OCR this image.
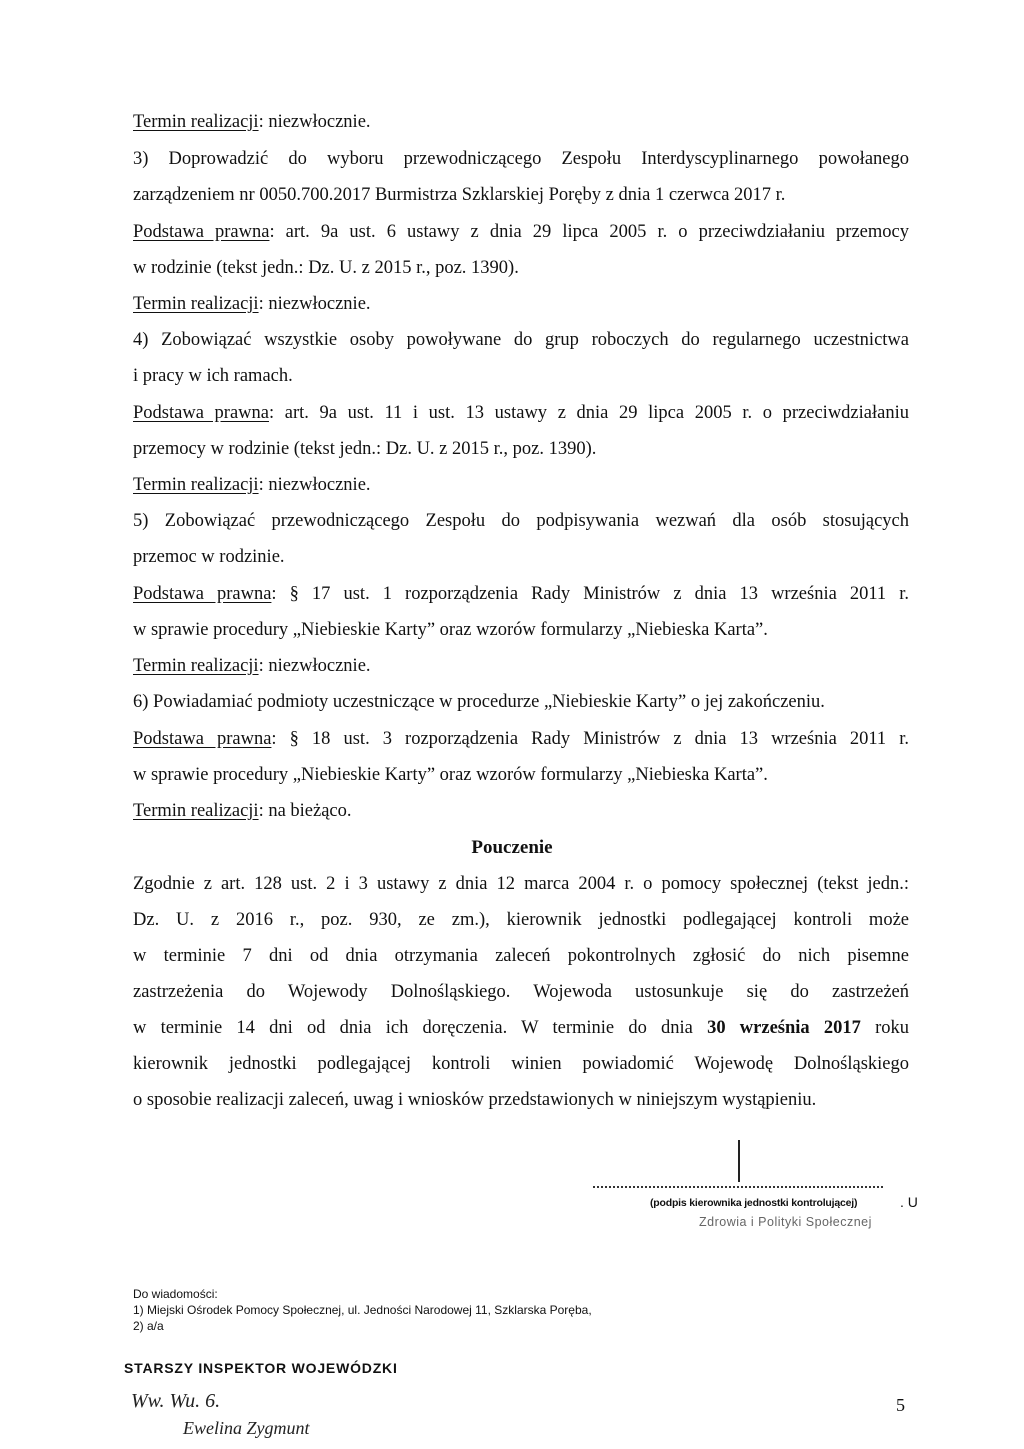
Termin realizacji: niezwłocznie.
3) Doprowadzić do wyboru przewodniczącego Zespołu Interdyscyplinarnego powołanego
zarządzeniem nr 0050.700.2017 Burmistrza Szklarskiej Poręby z dnia 1 czerwca 2017 r.
Podstawa prawna: art. 9a ust. 6 ustawy z dnia 29 lipca 2005 r. o przeciwdziałaniu przemocy
w rodzinie (tekst jedn.: Dz. U. z 2015 r., poz. 1390).
Termin realizacji: niezwłocznie.
4) Zobowiązać wszystkie osoby powoływane do grup roboczych do regularnego uczestnictwa
i pracy w ich ramach.
Podstawa prawna: art. 9a ust. 11 i ust. 13 ustawy z dnia 29 lipca 2005 r. o przeciwdziałaniu
przemocy w rodzinie (tekst jedn.: Dz. U. z 2015 r., poz. 1390).
Termin realizacji: niezwłocznie.
5) Zobowiązać przewodniczącego Zespołu do podpisywania wezwań dla osób stosujących
przemoc w rodzinie.
Podstawa prawna: § 17 ust. 1 rozporządzenia Rady Ministrów z dnia 13 września 2011 r.
w sprawie procedury „Niebieskie Karty” oraz wzorów formularzy „Niebieska Karta”.
Termin realizacji: niezwłocznie.
6) Powiadamiać podmioty uczestniczące w procedurze „Niebieskie Karty” o jej zakończeniu.
Podstawa prawna: § 18 ust. 3 rozporządzenia Rady Ministrów z dnia 13 września 2011 r.
w sprawie procedury „Niebieskie Karty” oraz wzorów formularzy „Niebieska Karta”.
Termin realizacji: na bieżąco.
Pouczenie
Zgodnie z art. 128 ust. 2 i 3 ustawy z dnia 12 marca 2004 r. o pomocy społecznej (tekst jedn.:
Dz. U. z 2016 r., poz. 930, ze zm.), kierownik jednostki podlegającej kontroli może
w terminie 7 dni od dnia otrzymania zaleceń pokontrolnych zgłosić do nich pisemne
zastrzeżenia do Wojewody Dolnośląskiego. Wojewoda ustosunkuje się do zastrzeżeń
w terminie 14 dni od dnia ich doręczenia. W terminie do dnia 30 września 2017 roku
kierownik jednostki podlegającej kontroli winien powiadomić Wojewodę Dolnośląskiego
o sposobie realizacji zaleceń, uwag i wniosków przedstawionych w niniejszym wystąpieniu.
(podpis kierownika jednostki kontrolującej)	. U
Zdrowia i Polityki Społecznej
Do wiadomości:
1) Miejski Ośrodek Pomocy Społecznej, ul. Jedności Narodowej 11, Szklarska Poręba,
2) a/a
STARSZY INSPEKTOR WOJEWÓDZKI
Ww. Wu. 6.
Ewelina Zygmunt
5
